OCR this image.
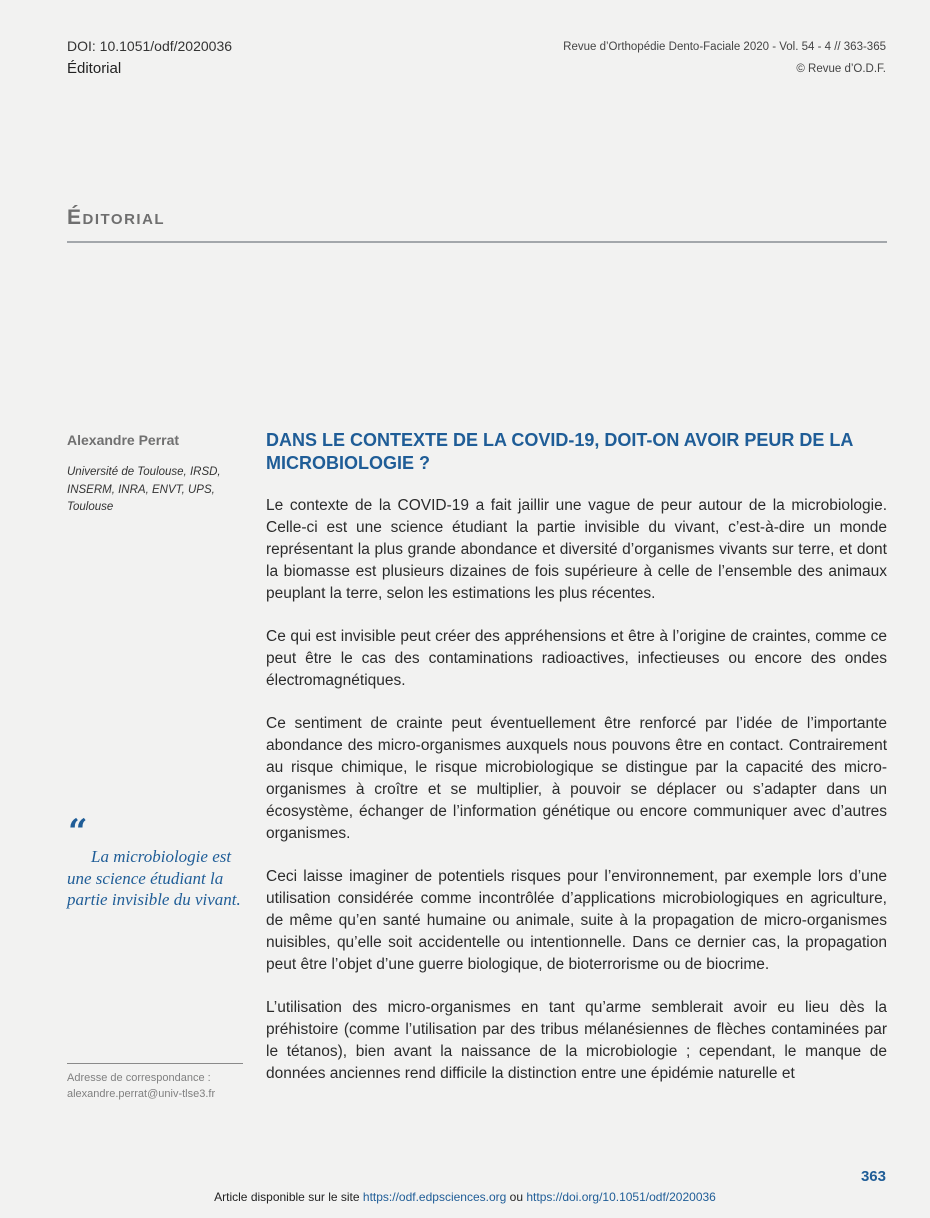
DOI: 10.1051/odf/2020036
Éditorial
Revue d’Orthopédie Dento-Faciale 2020 - Vol. 54 - 4 // 363-365
© Revue d’O.D.F.
Éditorial
Alexandre Perrat
Université de Toulouse, IRSD, INSERM, INRA, ENVT, UPS, Toulouse
“
La microbiologie est une science étudiant la partie invisible du vivant.
Adresse de correspondance :
alexandre.perrat@univ-tlse3.fr
DANS LE CONTEXTE DE LA COVID-19, DOIT-ON AVOIR PEUR DE LA MICROBIOLOGIE ?

Le contexte de la COVID-19 a fait jaillir une vague de peur autour de la microbiologie. Celle-ci est une science étudiant la partie invisible du vivant, c’est-à-dire un monde représentant la plus grande abondance et diversité d’organismes vivants sur terre, et dont la biomasse est plusieurs dizaines de fois supérieure à celle de l’ensemble des animaux peuplant la terre, selon les estimations les plus récentes.

Ce qui est invisible peut créer des appréhensions et être à l’origine de craintes, comme ce peut être le cas des contaminations radioactives, infectieuses ou encore des ondes électromagnétiques.

Ce sentiment de crainte peut éventuellement être renforcé par l’idée de l’importante abondance des micro-organismes auxquels nous pouvons être en contact. Contrairement au risque chimique, le risque microbiologique se distingue par la capacité des micro-organismes à croître et se multiplier, à pouvoir se déplacer ou s’adapter dans un écosystème, échanger de l’information génétique ou encore communiquer avec d’autres organismes.

Ceci laisse imaginer de potentiels risques pour l’environnement, par exemple lors d’une utilisation considérée comme incontrôlée d’applications microbiologiques en agriculture, de même qu’en santé humaine ou animale, suite à la propagation de micro-organismes nuisibles, qu’elle soit accidentelle ou intentionnelle. Dans ce dernier cas, la propagation peut être l’objet d’une guerre biologique, de bioterrorisme ou de biocrime.

L’utilisation des micro-organismes en tant qu’arme semblerait avoir eu lieu dès la préhistoire (comme l’utilisation par des tribus mélanésiennes de flèches contaminées par le tétanos), bien avant la naissance de la microbiologie ; cependant, le manque de données anciennes rend difficile la distinction entre une épidémie naturelle et

363
Article disponible sur le site https://odf.edpsciences.org ou https://doi.org/10.1051/odf/2020036
